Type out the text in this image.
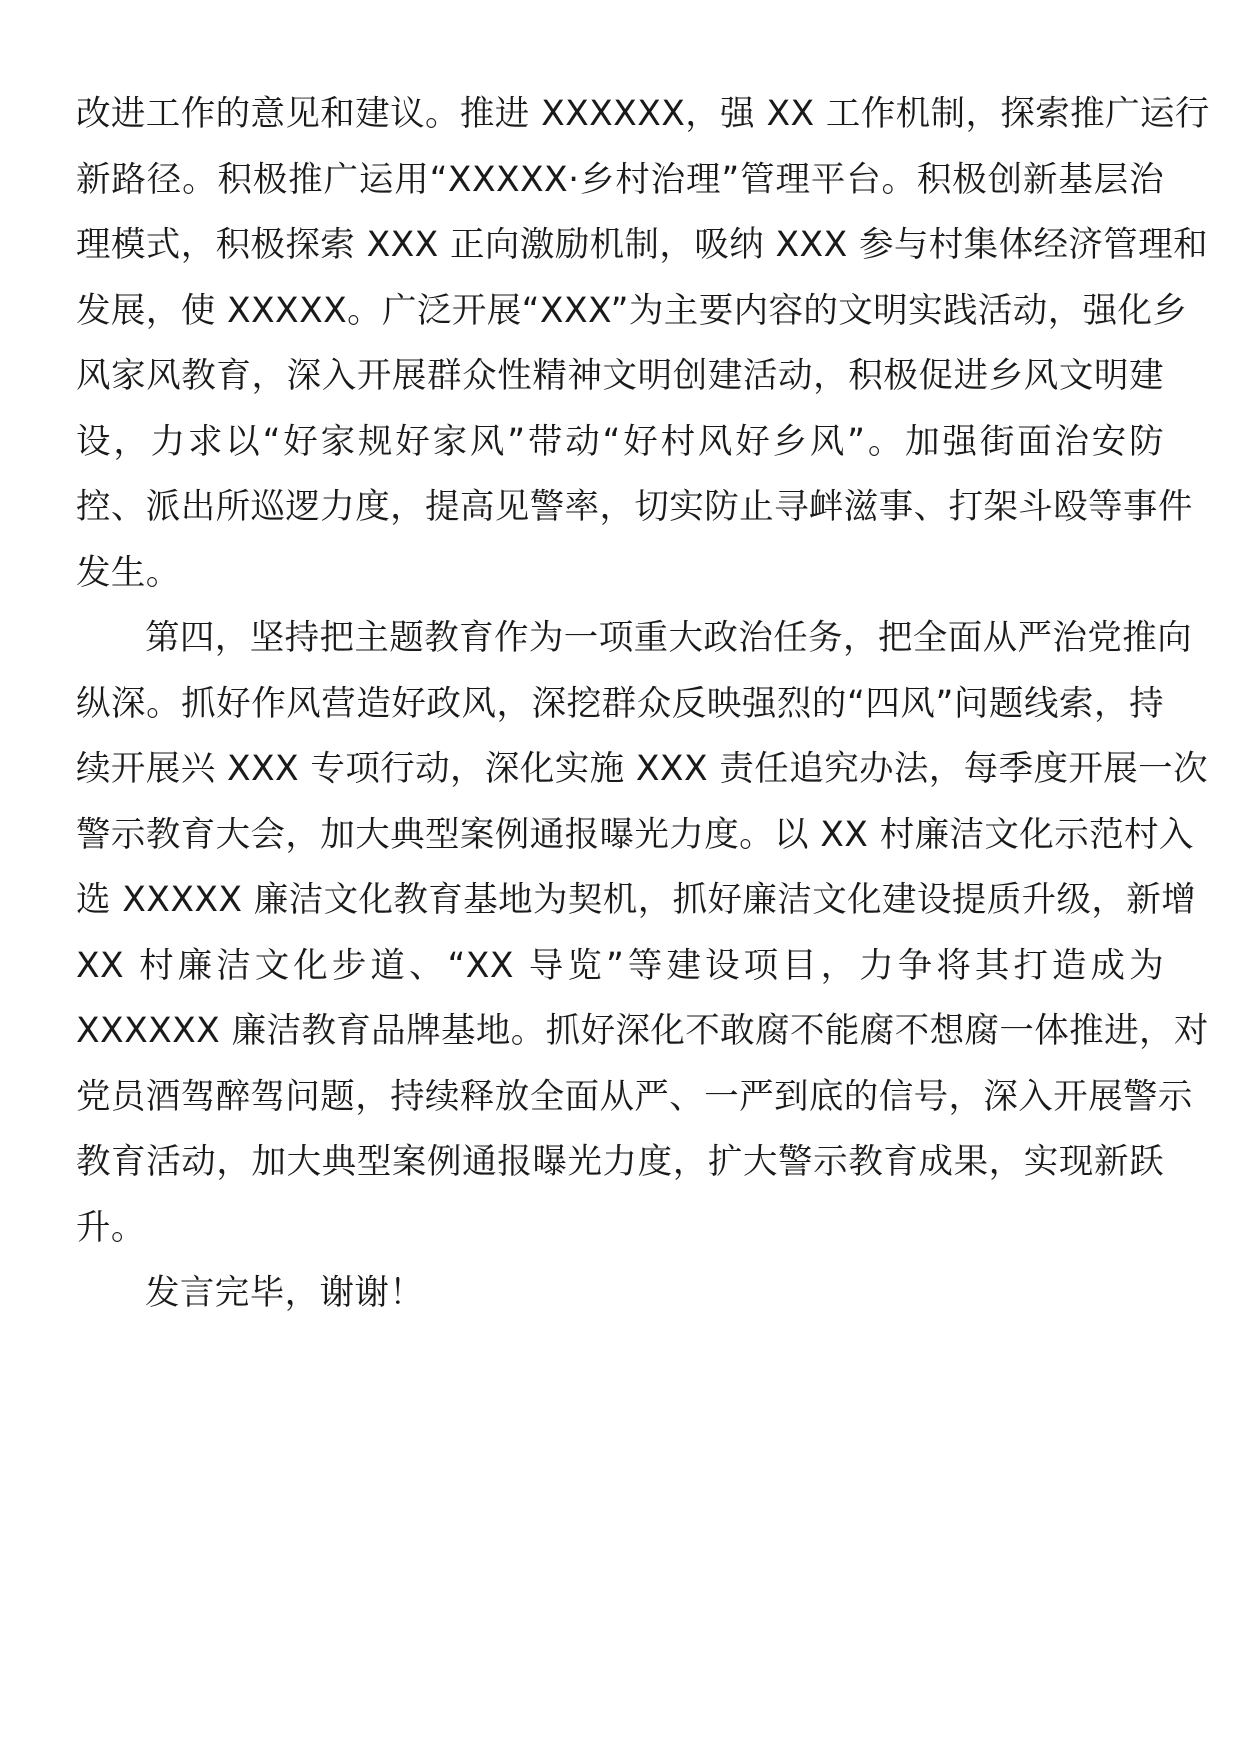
改进工作的意见和建议。推进 XXXXXX，强 XX 工作机制，探索推广运行
新路径。积极推广运用“XXXXX·乡村治理”管理平台。积极创新基层治
理模式，积极探索 XXX 正向激励机制，吸纳 XXX 参与村集体经济管理和
发展，使 XXXXX。广泛开展“XXX”为主要内容的文明实践活动，强化乡
风家风教育，深入开展群众性精神文明创建活动，积极促进乡风文明建
设，力求以“好家规好家风”带动“好村风好乡风”。加强街面治安防
控、派出所巡逻力度，提高见警率，切实防止寻衅滋事、打架斗殴等事件
发生。
第四，坚持把主题教育作为一项重大政治任务，把全面从严治党推向
纵深。抓好作风营造好政风，深挖群众反映强烈的“四风”问题线索，持
续开展兴 XXX 专项行动，深化实施 XXX 责任追究办法，每季度开展一次
警示教育大会，加大典型案例通报曝光力度。以 XX 村廉洁文化示范村入
选 XXXXX 廉洁文化教育基地为契机，抓好廉洁文化建设提质升级，新增
XX 村廉洁文化步道、“XX 导览”等建设项目，力争将其打造成为
XXXXXX 廉洁教育品牌基地。抓好深化不敢腐不能腐不想腐一体推进，对
党员酒驾醉驾问题，持续释放全面从严、一严到底的信号，深入开展警示
教育活动，加大典型案例通报曝光力度，扩大警示教育成果，实现新跃
升。
发言完毕，谢谢！
